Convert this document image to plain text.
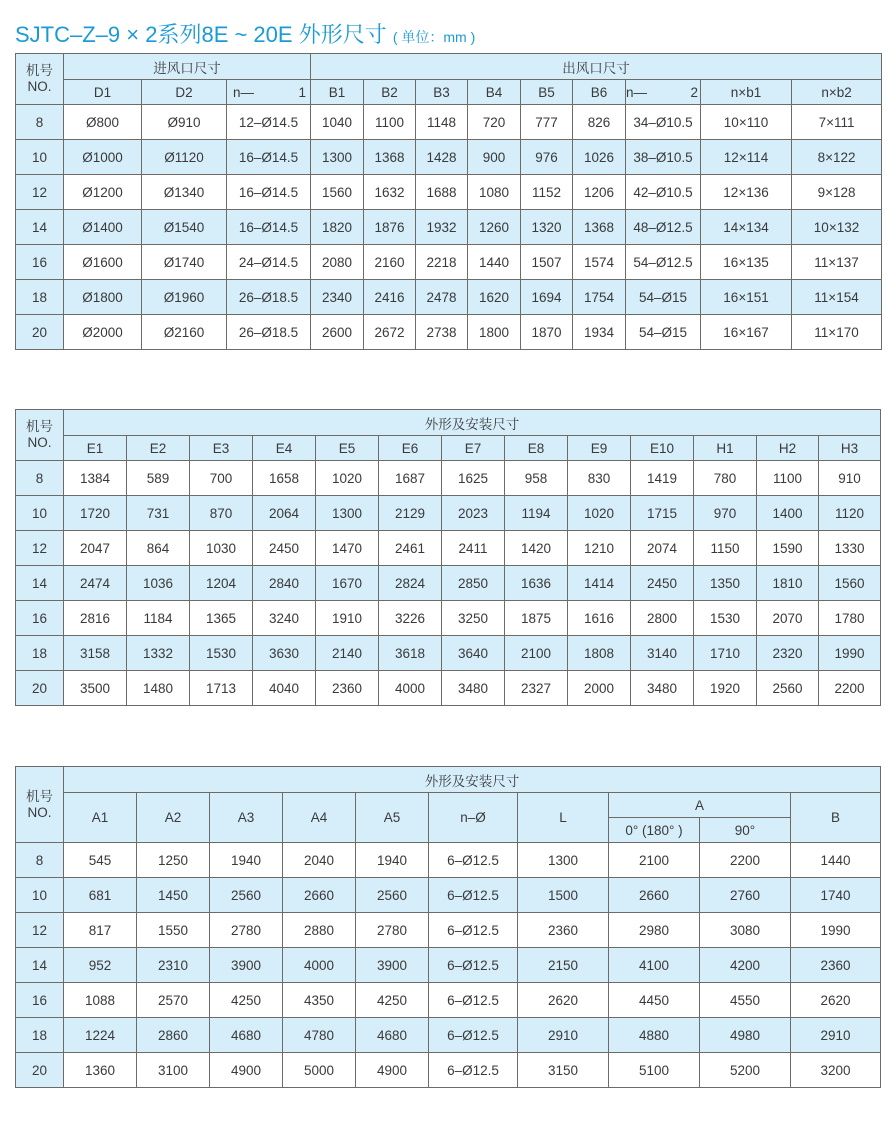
SJTC–Z–9 × 2系列8E ~ 20E 外形尺寸 ( 单位：mm )
机号
NO.	进风口尺寸			出风口尺寸								
	D1	D2	n— 1	B1	B2	B3	B4	B5	B6	n— 2	n×b1	n×b2
8	Ø800	Ø910	12–Ø14.5	1040	1100	1148	720	777	826	34–Ø10.5	10×110	7×111
10	Ø1000	Ø1120	16–Ø14.5	1300	1368	1428	900	976	1026	38–Ø10.5	12×114	8×122
12	Ø1200	Ø1340	16–Ø14.5	1560	1632	1688	1080	1152	1206	42–Ø10.5	12×136	9×128
14	Ø1400	Ø1540	16–Ø14.5	1820	1876	1932	1260	1320	1368	48–Ø12.5	14×134	10×132
16	Ø1600	Ø1740	24–Ø14.5	2080	2160	2218	1440	1507	1574	54–Ø12.5	16×135	11×137
18	Ø1800	Ø1960	26–Ø18.5	2340	2416	2478	1620	1694	1754	54–Ø15	16×151	11×154
20	Ø2000	Ø2160	26–Ø18.5	2600	2672	2738	1800	1870	1934	54–Ø15	16×167	11×170
机号
NO.	外形及安装尺寸												
	E1	E2	E3	E4	E5	E6	E7	E8	E9	E10	H1	H2	H3
8	1384	589	700	1658	1020	1687	1625	958	830	1419	780	1100	910
10	1720	731	870	2064	1300	2129	2023	1194	1020	1715	970	1400	1120
12	2047	864	1030	2450	1470	2461	2411	1420	1210	2074	1150	1590	1330
14	2474	1036	1204	2840	1670	2824	2850	1636	1414	2450	1350	1810	1560
16	2816	1184	1365	3240	1910	3226	3250	1875	1616	2800	1530	2070	1780
18	3158	1332	1530	3630	2140	3618	3640	2100	1808	3140	1710	2320	1990
20	3500	1480	1713	4040	2360	4000	3480	2327	2000	3480	1920	2560	2200
机号
NO.	外形及安装尺寸									
	A1	A2	A3	A4	A5	n–Ø	L	A		B
								0° (180° )	90°	
8	545	1250	1940	2040	1940	6–Ø12.5	1300	2100	2200	1440
10	681	1450	2560	2660	2560	6–Ø12.5	1500	2660	2760	1740
12	817	1550	2780	2880	2780	6–Ø12.5	2360	2980	3080	1990
14	952	2310	3900	4000	3900	6–Ø12.5	2150	4100	4200	2360
16	1088	2570	4250	4350	4250	6–Ø12.5	2620	4450	4550	2620
18	1224	2860	4680	4780	4680	6–Ø12.5	2910	4880	4980	2910
20	1360	3100	4900	5000	4900	6–Ø12.5	3150	5100	5200	3200
